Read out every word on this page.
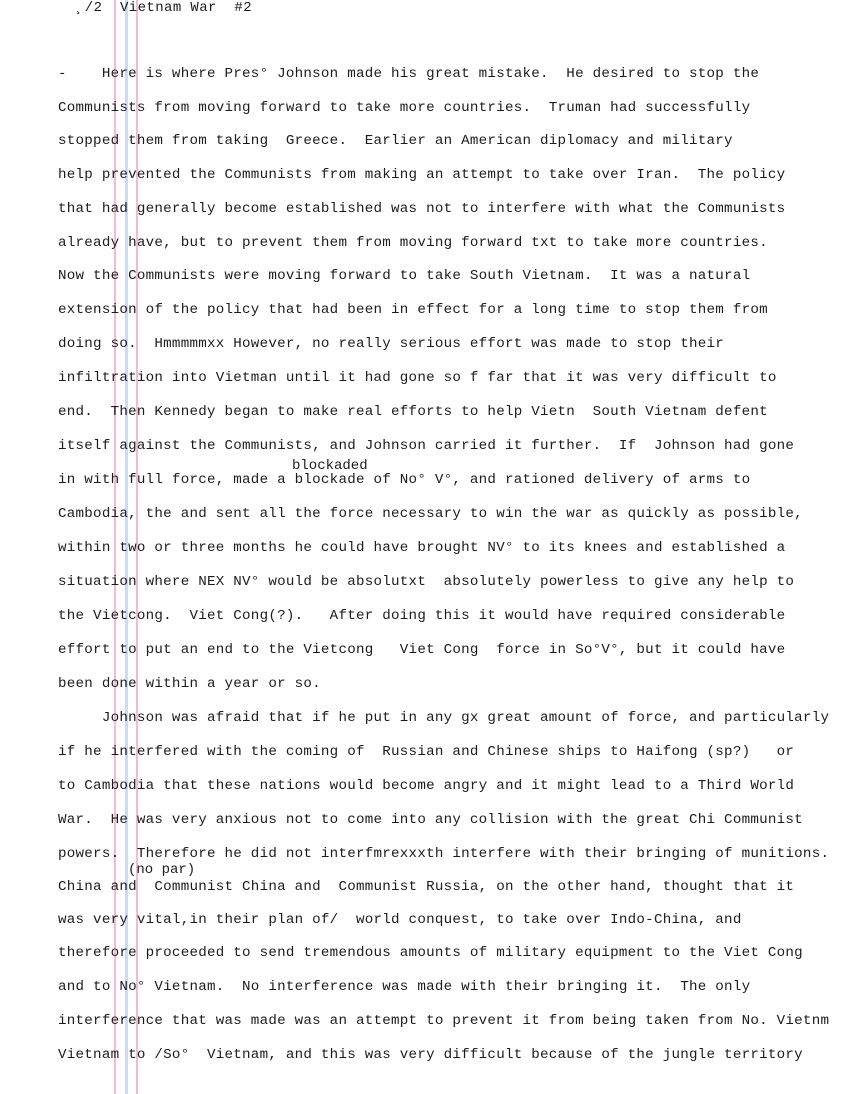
¸/2  Vietnam War  #2
-    Here is where Pres° Johnson made his great mistake.  He desired to stop the
Communists from moving forward to take more countries.  Truman had successfully
stopped them from taking  Greece.  Earlier an American diplomacy and military
help prevented the Communists from making an attempt to take over Iran.  The policy
that had generally become established was not to interfere with what the Communists
already have, but to prevent them from moving forward txt to take more countries.
Now the Communists were moving forward to take South Vietnam.  It was a natural
extension of the policy that had been in effect for a long time to stop them from
doing so.  Hmmmmmxx However, no really serious effort was made to stop their
infiltration into Vietman until it had gone so f far that it was very difficult to
end.  Then Kennedy began to make real efforts to help Vietn  South Vietnam defent
itself against the Communists, and Johnson carried it further.  If  Johnson had gone
in with full force, made a blockade of No° V°, and rationed delivery of arms to
Cambodia, the and sent all the force necessary to win the war as quickly as possible,
within two or three months he could have brought NV° to its knees and established a
situation where NEX NV° would be absolutxt  absolutely powerless to give any help to
the Vietcong.  Viet Cong(?).   After doing this it would have required considerable
effort to put an end to the Vietcong   Viet Cong  force in So°V°, but it could have
been done within a year or so.
Johnson was afraid that if he put in any gx great amount of force, and particularly
if he interfered with the coming of  Russian and Chinese ships to Haifong (sp?)   or
to Cambodia that these nations would become angry and it might lead to a Third World
War.  He was very anxious not to come into any collision with the great Chi Communist
powers.  Therefore he did not interfmrexxxth interfere with their bringing of munitions.
China and  Communist China and  Communist Russia, on the other hand, thought that it
was very vital,in their plan of/  world conquest, to take over Indo-China, and
therefore proceeded to send tremendous amounts of military equipment to the Viet Cong
and to No° Vietnam.  No interference was made with their bringing it.  The only
interference that was made was an attempt to prevent it from being taken from No. Vietnm
Vietnam to /So°  Vietnam, and this was very difficult because of the jungle territory
blockaded
(no par)
